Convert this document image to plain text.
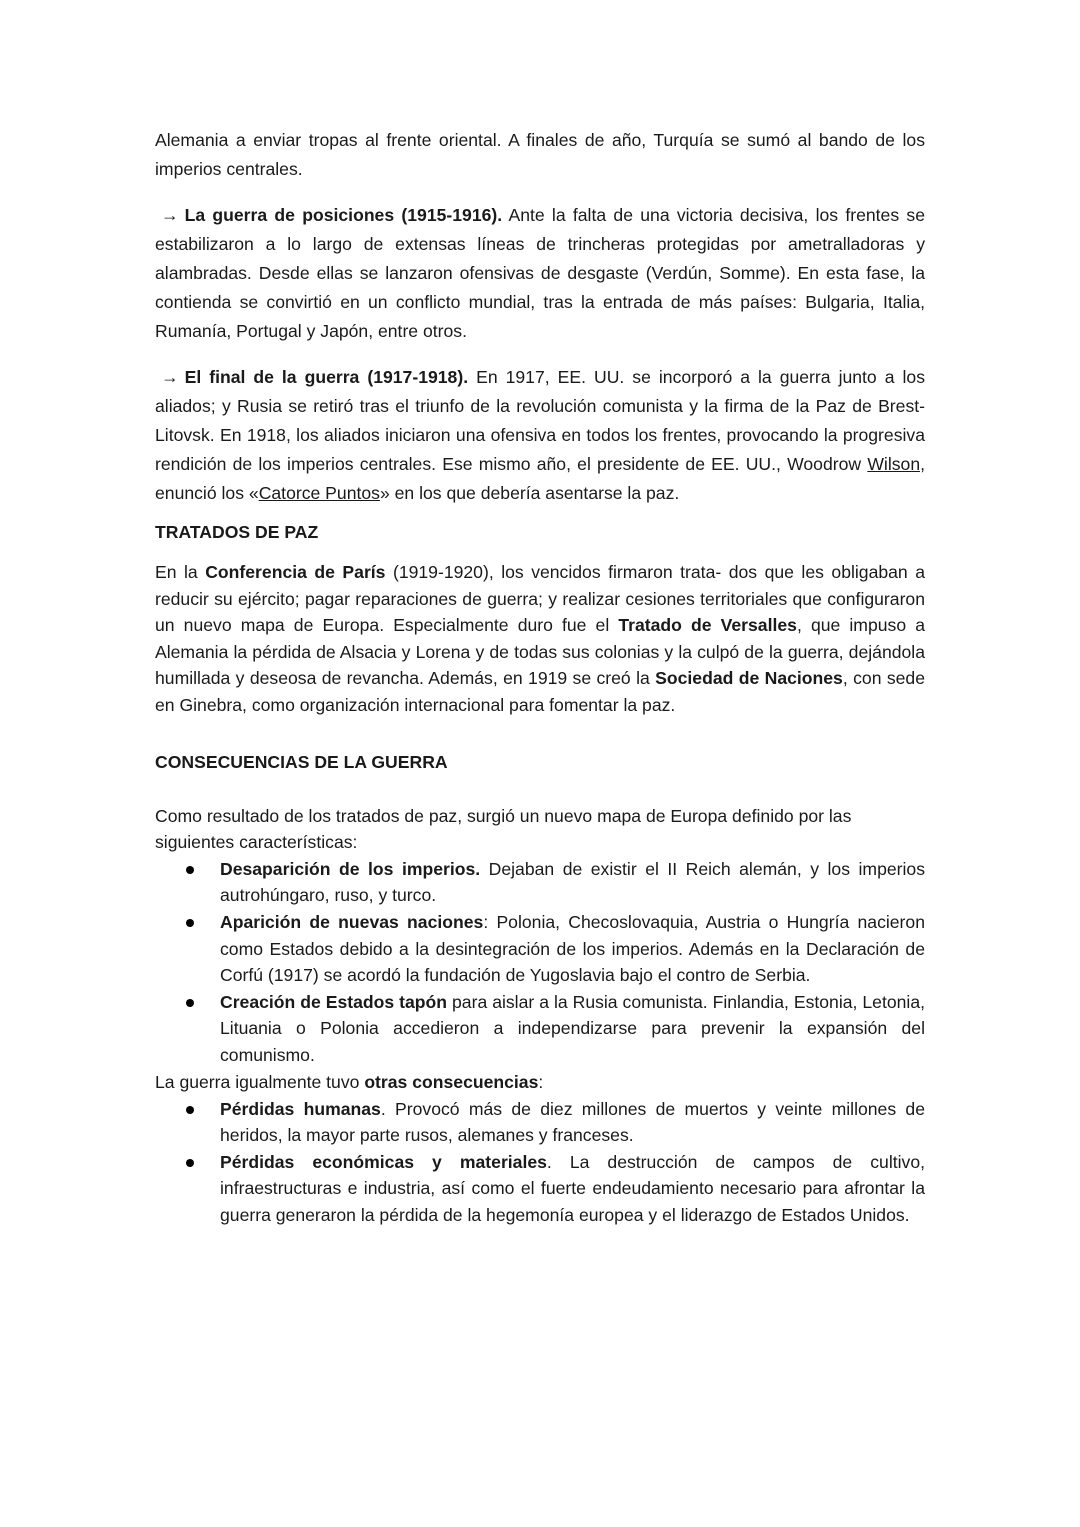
Alemania a enviar tropas al frente oriental. A finales de año, Turquía se sumó al bando de los imperios centrales.

→ La guerra de posiciones (1915-1916). Ante la falta de una victoria decisiva, los frentes se estabilizaron a lo largo de extensas líneas de trincheras protegidas por ametralladoras y alambradas. Desde ellas se lanzaron ofensivas de desgaste (Verdún, Somme). En esta fase, la contienda se convirtió en un conflicto mundial, tras la entrada de más países: Bulgaria, Italia, Rumanía, Portugal y Japón, entre otros.

→ El final de la guerra (1917-1918). En 1917, EE. UU. se incorporó a la guerra junto a los aliados; y Rusia se retiró tras el triunfo de la revolución comunista y la firma de la Paz de Brest-Litovsk. En 1918, los aliados iniciaron una ofensiva en todos los frentes, provocando la progresiva rendición de los imperios centrales. Ese mismo año, el presidente de EE. UU., Woodrow Wilson, enunció los «Catorce Puntos» en los que debería asentarse la paz.

TRATADOS DE PAZ

En la Conferencia de París (1919-1920), los vencidos firmaron trata- dos que les obligaban a reducir su ejército; pagar reparaciones de guerra; y realizar cesiones territoriales que configuraron un nuevo mapa de Europa. Especialmente duro fue el Tratado de Versalles, que impuso a Alemania la pérdida de Alsacia y Lorena y de todas sus colonias y la culpó de la guerra, dejándola humillada y deseosa de revancha. Además, en 1919 se creó la Sociedad de Naciones, con sede en Ginebra, como organización internacional para fomentar la paz.

CONSECUENCIAS DE LA GUERRA

Como resultado de los tratados de paz, surgió un nuevo mapa de Europa definido por las siguientes características:

Desaparición de los imperios. Dejaban de existir el II Reich alemán, y los imperios autrohúngaro, ruso, y turco.
Aparición de nuevas naciones: Polonia, Checoslovaquia, Austria o Hungría nacieron como Estados debido a la desintegración de los imperios. Además en la Declaración de Corfú (1917) se acordó la fundación de Yugoslavia bajo el contro de Serbia.
Creación de Estados tapón para aislar a la Rusia comunista. Finlandia, Estonia, Letonia, Lituania o Polonia accedieron a independizarse para prevenir la expansión del comunismo.

La guerra igualmente tuvo otras consecuencias:

Pérdidas humanas. Provocó más de diez millones de muertos y veinte millones de heridos, la mayor parte rusos, alemanes y franceses.
Pérdidas económicas y materiales. La destrucción de campos de cultivo, infraestructuras e industria, así como el fuerte endeudamiento necesario para afrontar la guerra generaron la pérdida de la hegemonía europea y el liderazgo de Estados Unidos.
